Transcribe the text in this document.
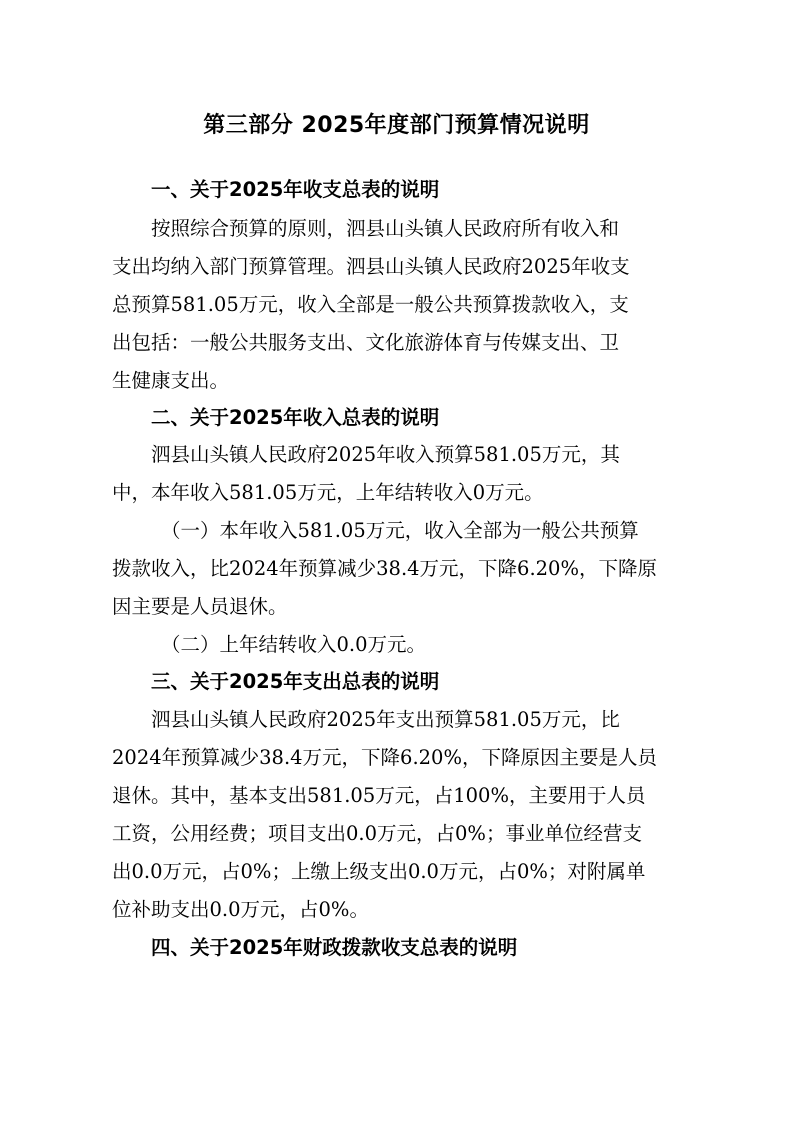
第三部分 2025年度部门预算情况说明
一、关于2025年收支总表的说明
按照综合预算的原则，泗县山头镇人民政府所有收入和
支出均纳入部门预算管理。泗县山头镇人民政府2025年收支
总预算581.05万元，收入全部是一般公共预算拨款收入，支
出包括：一般公共服务支出、文化旅游体育与传媒支出、卫
生健康支出。
二、关于2025年收入总表的说明
泗县山头镇人民政府2025年收入预算581.05万元，其
中，本年收入581.05万元，上年结转收入0万元。
（一）本年收入581.05万元，收入全部为一般公共预算
拨款收入，比2024年预算减少38.4万元，下降6.20%，下降原
因主要是人员退休。
（二）上年结转收入0.0万元。
三、关于2025年支出总表的说明
泗县山头镇人民政府2025年支出预算581.05万元，比
2024年预算减少38.4万元，下降6.20%，下降原因主要是人员
退休。其中，基本支出581.05万元，占100%，主要用于人员
工资，公用经费；项目支出0.0万元，占0%；事业单位经营支
出0.0万元，占0%；上缴上级支出0.0万元，占0%；对附属单
位补助支出0.0万元，占0%。
四、关于2025年财政拨款收支总表的说明
